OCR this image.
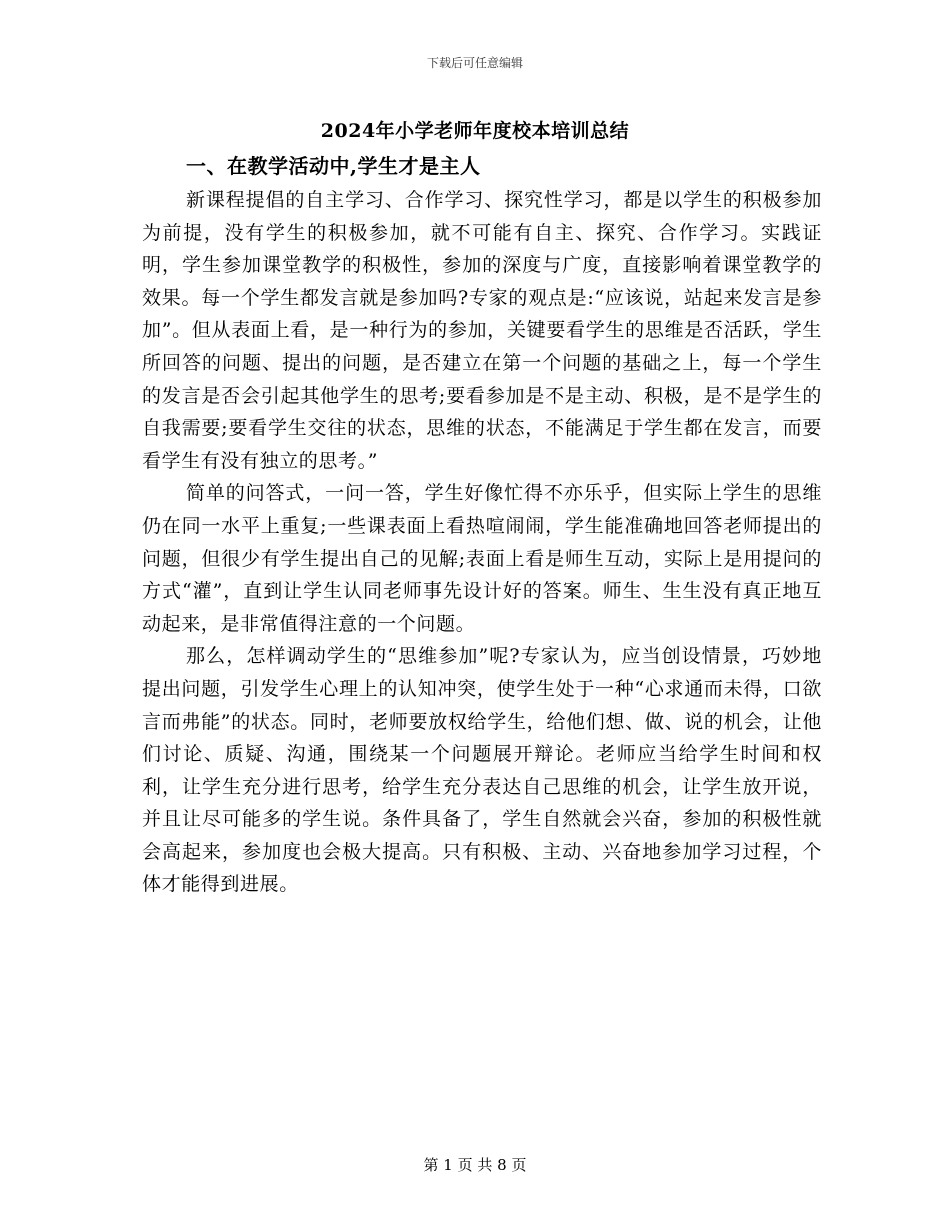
下载后可任意编辑
2024年小学老师年度校本培训总结
一、在教学活动中,学生才是主人

新课程提倡的自主学习、合作学习、探究性学习，都是以学生的积极参加为前提，没有学生的积极参加，就不可能有自主、探究、合作学习。实践证明，学生参加课堂教学的积极性，参加的深度与广度，直接影响着课堂教学的效果。每一个学生都发言就是参加吗?专家的观点是:“应该说，站起来发言是参加”。但从表面上看，是一种行为的参加，关键要看学生的思维是否活跃，学生所回答的问题、提出的问题，是否建立在第一个问题的基础之上，每一个学生的发言是否会引起其他学生的思考;要看参加是不是主动、积极，是不是学生的自我需要;要看学生交往的状态，思维的状态，不能满足于学生都在发言，而要看学生有没有独立的思考。”

简单的问答式，一问一答，学生好像忙得不亦乐乎，但实际上学生的思维仍在同一水平上重复;一些课表面上看热喧闹闹，学生能准确地回答老师提出的问题，但很少有学生提出自己的见解;表面上看是师生互动，实际上是用提问的方式“灌”，直到让学生认同老师事先设计好的答案。师生、生生没有真正地互动起来，是非常值得注意的一个问题。

那么，怎样调动学生的“思维参加”呢?专家认为，应当创设情景，巧妙地提出问题，引发学生心理上的认知冲突，使学生处于一种“心求通而未得，口欲言而弗能”的状态。同时，老师要放权给学生，给他们想、做、说的机会，让他们讨论、质疑、沟通，围绕某一个问题展开辩论。老师应当给学生时间和权利，让学生充分进行思考，给学生充分表达自己思维的机会，让学生放开说，并且让尽可能多的学生说。条件具备了，学生自然就会兴奋，参加的积极性就会高起来，参加度也会极大提高。只有积极、主动、兴奋地参加学习过程，个体才能得到进展。

第 1 页 共 8 页
